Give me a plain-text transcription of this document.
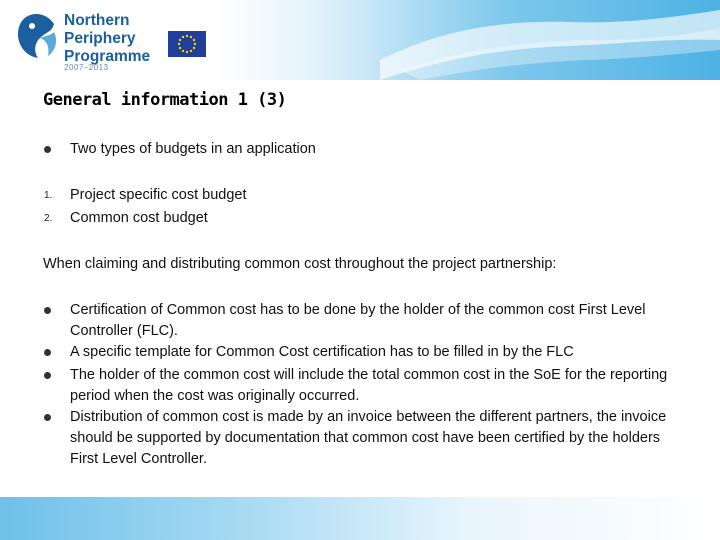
Northern
Periphery
Programme
2007–2013
General information 1 (3)
Two types of budgets in an application
1. Project specific cost budget
2. Common cost budget
When claiming and distributing common cost throughout the project partnership:
Certification of Common cost has to be done by the holder of the common cost First Level Controller (FLC).
A specific template for Common Cost certification has to be filled in by the FLC
The holder of the common cost will include the total common cost in the SoE for the reporting period when the cost was originally occurred.
Distribution of common cost is made by an invoice between the different partners, the invoice should be supported by documentation that common cost have been certified by the holders First Level Controller.
